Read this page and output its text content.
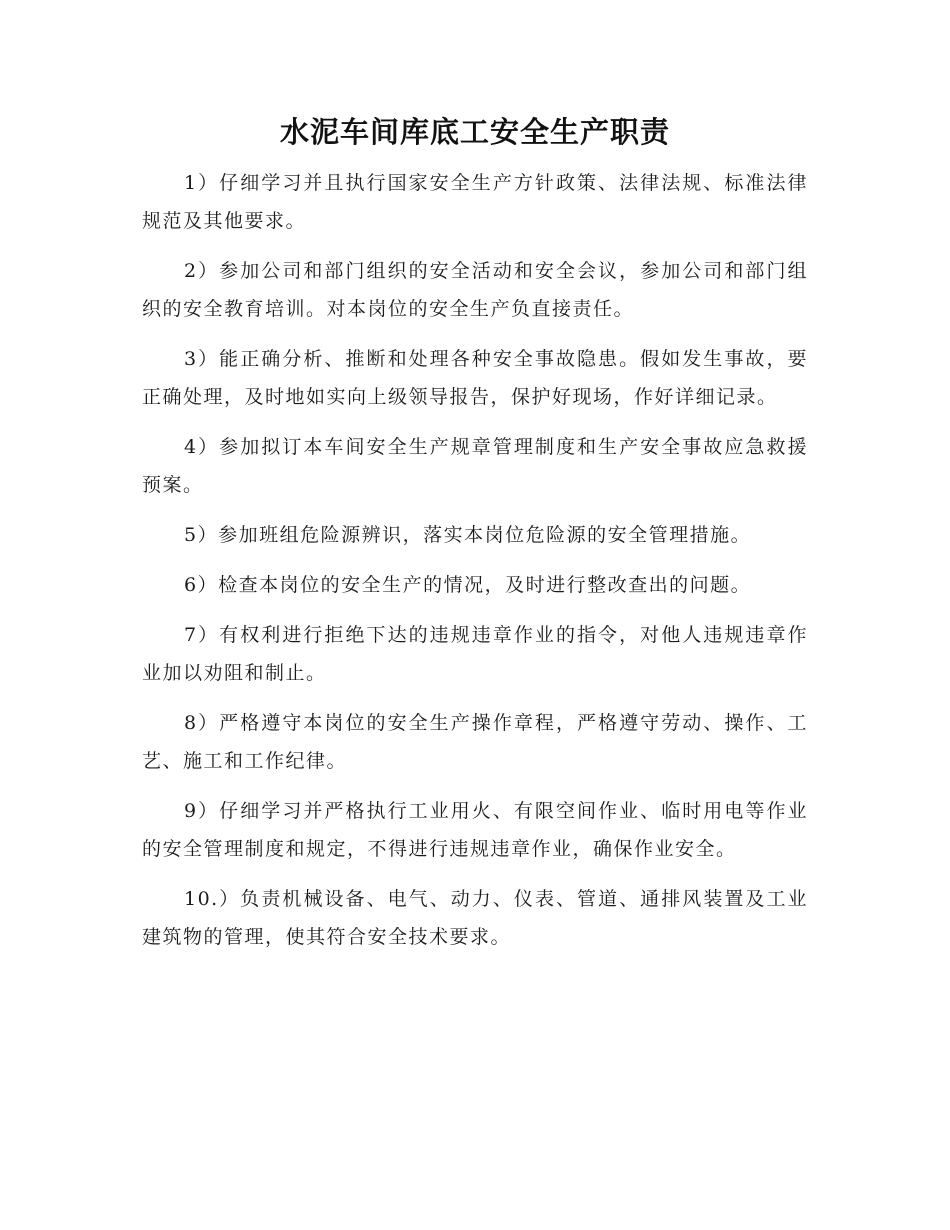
水泥车间库底工安全生产职责

1）仔细学习并且执行国家安全生产方针政策、法律法规、标准法律规范及其他要求。

2）参加公司和部门组织的安全活动和安全会议，参加公司和部门组织的安全教育培训。对本岗位的安全生产负直接责任。

3）能正确分析、推断和处理各种安全事故隐患。假如发生事故，要正确处理，及时地如实向上级领导报告，保护好现场，作好详细记录。

4）参加拟订本车间安全生产规章管理制度和生产安全事故应急救援预案。

5）参加班组危险源辨识，落实本岗位危险源的安全管理措施。

6）检查本岗位的安全生产的情况，及时进行整改查出的问题。

7）有权利进行拒绝下达的违规违章作业的指令，对他人违规违章作业加以劝阻和制止。

8）严格遵守本岗位的安全生产操作章程，严格遵守劳动、操作、工艺、施工和工作纪律。

9）仔细学习并严格执行工业用火、有限空间作业、临时用电等作业的安全管理制度和规定，不得进行违规违章作业，确保作业安全。

10.）负责机械设备、电气、动力、仪表、管道、通排风装置及工业建筑物的管理，使其符合安全技术要求。
